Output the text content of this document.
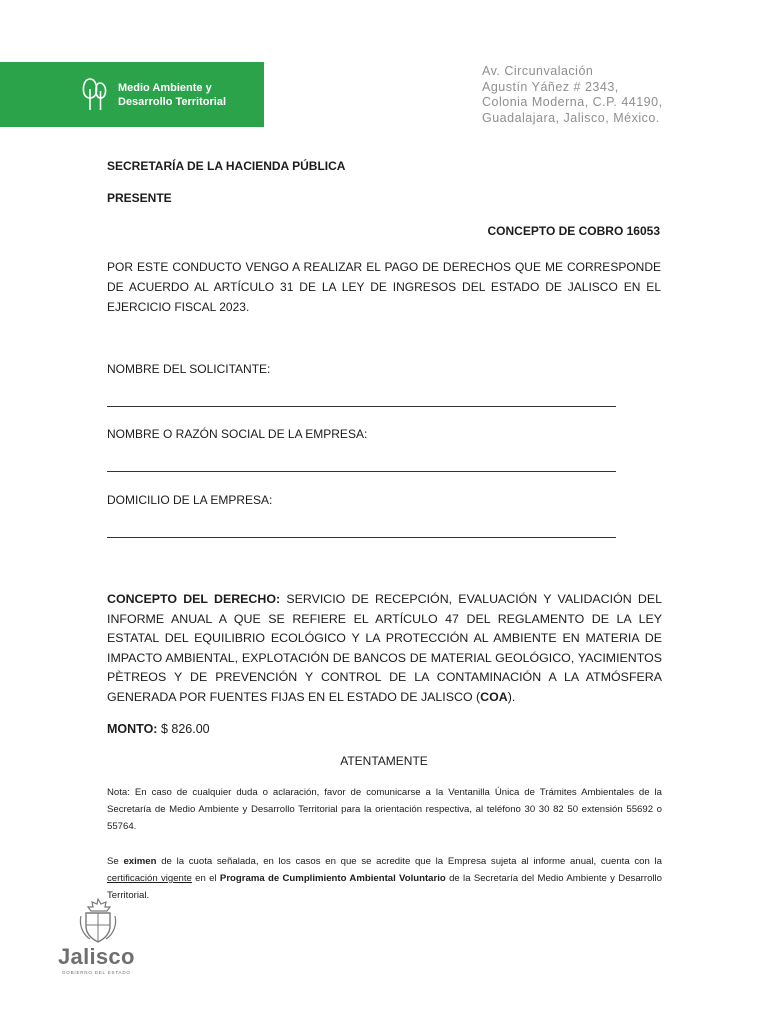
Medio Ambiente y
Desarrollo Territorial
Av. Circunvalación
Agustín Yáñez # 2343,
Colonia Moderna, C.P. 44190,
Guadalajara, Jalisco, México.
SECRETARÍA DE LA HACIENDA PÚBLICA
PRESENTE
CONCEPTO DE COBRO 16053
POR ESTE CONDUCTO VENGO A REALIZAR EL PAGO DE DERECHOS QUE ME CORRESPONDE DE ACUERDO AL ARTÍCULO 31 DE LA LEY DE INGRESOS DEL ESTADO DE JALISCO EN EL EJERCICIO FISCAL 2023.
NOMBRE DEL SOLICITANTE:
NOMBRE O RAZÓN SOCIAL DE LA EMPRESA:
DOMICILIO DE LA EMPRESA:
CONCEPTO DEL DERECHO: SERVICIO DE RECEPCIÓN, EVALUACIÓN Y VALIDACIÓN DEL INFORME ANUAL A QUE SE REFIERE EL ARTÍCULO 47 DEL REGLAMENTO DE LA LEY ESTATAL DEL EQUILIBRIO ECOLÓGICO Y LA PROTECCIÓN AL AMBIENTE EN MATERIA DE IMPACTO AMBIENTAL, EXPLOTACIÓN DE BANCOS DE MATERIAL GEOLÓGICO, YACIMIENTOS PÈTREOS Y DE PREVENCIÓN Y CONTROL DE LA CONTAMINACIÓN A LA ATMÓSFERA GENERADA POR FUENTES FIJAS EN EL ESTADO DE JALISCO (COA).
MONTO: $ 826.00
ATENTAMENTE
Nota: En caso de cualquier duda o aclaración, favor de comunicarse a la Ventanilla Única de Trámites Ambientales de la Secretaría de Medio Ambiente y Desarrollo Territorial para la orientación respectiva, al teléfono 30 30 82 50 extensión 55692 o 55764.
Se eximen de la cuota señalada, en los casos en que se acredite que la Empresa sujeta al informe anual, cuenta con la certificación vigente en el Programa de Cumplimiento Ambiental Voluntario de la Secretaría del Medio Ambiente y Desarrollo Territorial.
Jalisco
GOBIERNO DEL ESTADO
